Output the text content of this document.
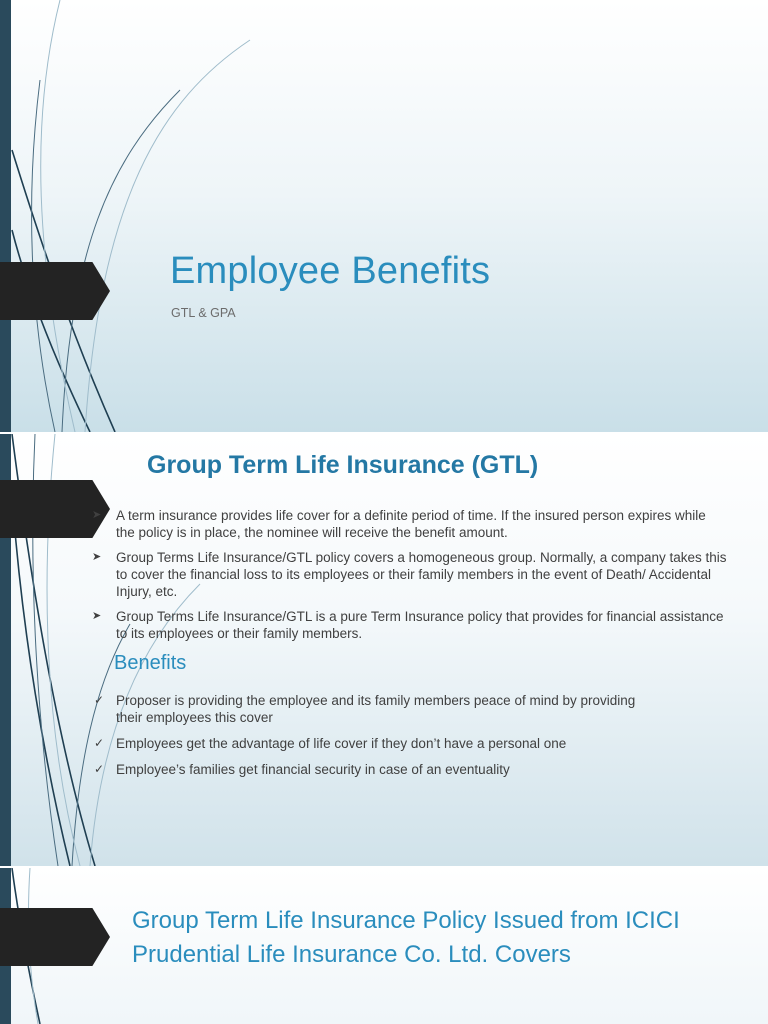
Employee Benefits
GTL & GPA
Group Term Life Insurance (GTL)
➤ A term insurance provides life cover for a definite period of time. If the insured person expires while the policy is in place, the nominee will receive the benefit amount.
➤ Group Terms Life Insurance/GTL policy covers a homogeneous group. Normally, a company takes this to cover the financial loss to its employees or their family members in the event of Death/ Accidental Injury, etc.
➤ Group Terms Life Insurance/GTL is a pure Term Insurance policy that provides for financial assistance to its employees or their family members.
Benefits
✓ Proposer is providing the employee and its family members peace of mind by providing their employees this cover
✓ Employees get the advantage of life cover if they don’t have a personal one
✓ Employee’s families get financial security in case of an eventuality
Group Term Life Insurance Policy Issued from ICICI Prudential Life Insurance Co. Ltd. Covers
